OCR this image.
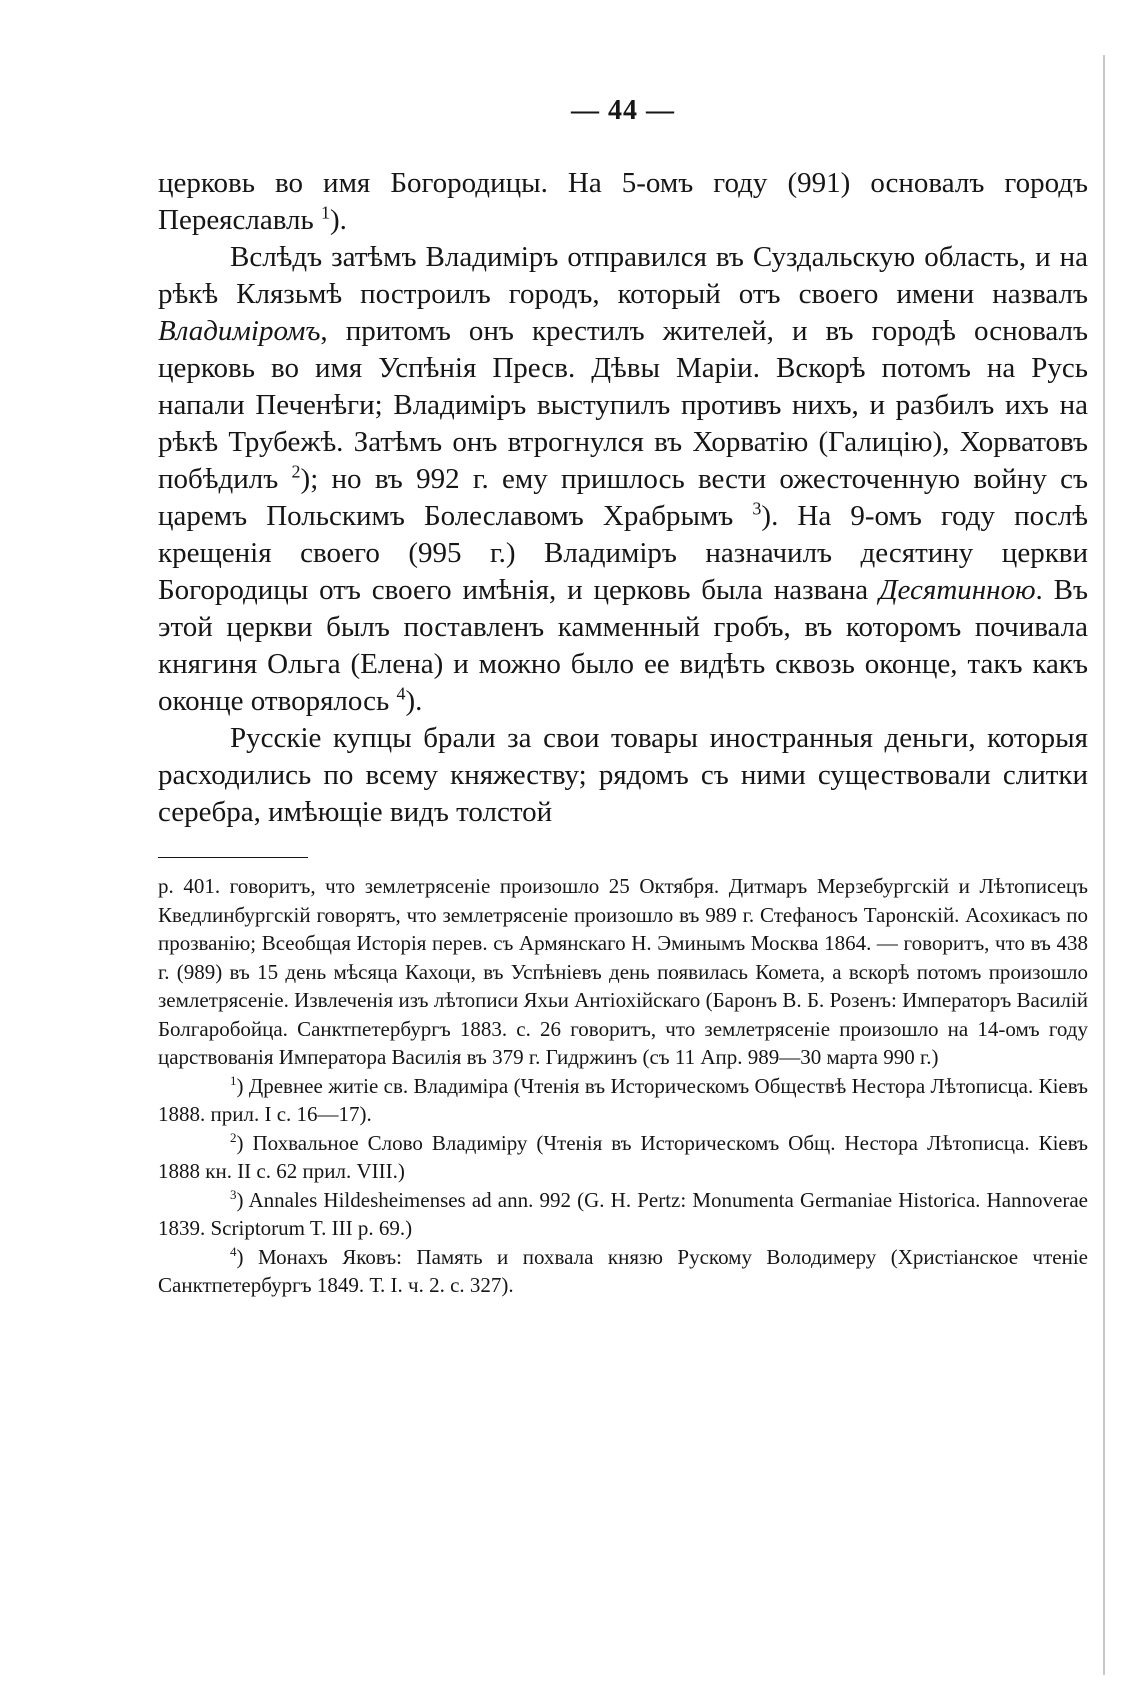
— 44 —

церковь во имя Богородицы. На 5-омъ году (991) основалъ городъ Переяславль $^1$).

Вслѣдъ затѣмъ Владиміръ отправился въ Суздальскую область, и на рѣкѣ Клязьмѣ построилъ городъ, который отъ своего имени назвалъ Владиміромъ, притомъ онъ крестилъ жителей, и въ городѣ основалъ церковь во имя Успѣнія Пресв. Дѣвы Маріи. Вскорѣ потомъ на Русь напали Печенѣги; Владиміръ выступилъ противъ нихъ, и разбилъ ихъ на рѣкѣ Трубежѣ. Затѣмъ онъ втрогнулся въ Хорватію (Галицію), Хорватовъ побѣдилъ $^2$); но въ 992 г. ему пришлось вести ожесточенную войну съ царемъ Польскимъ Болеславомъ Храбрымъ $^3$). На 9-омъ году послѣ крещенія своего (995 г.) Владиміръ назначилъ десятину церкви Богородицы отъ своего имѣнія, и церковь была названа Десятинною. Въ этой церкви былъ поставленъ камменный гробъ, въ которомъ почивала княгиня Ольга (Елена) и можно было ее видѣть сквозь оконце, такъ какъ оконце отворялось $^4$).

Русскіе купцы брали за свои товары иностранныя деньги, которыя расходились по всему княжеству; рядомъ съ ними существовали слитки серебра, имѣющіе видъ толстой

р. 401. говоритъ, что землетрясеніе произошло 25 Октября. Дитмаръ Мерзебургскій и Лѣтописецъ Кведлинбургскій говорятъ, что землетрясеніе произошло въ 989 г. Стефаносъ Таронскій. Асохикасъ по прозванію; Всеобщая Исторія перев. съ Армянскаго Н. Эминымъ Москва 1864. — говоритъ, что въ 438 г. (989) въ 15 день мѣсяца Кахоци, въ Успѣніевъ день появилась Комета, а вскорѣ потомъ произошло землетрясеніе. Извлеченія изъ лѣтописи Яхьи Антіохійскаго (Баронъ В. Б. Розенъ: Императоръ Василій Болгаробойца. Санктпетербургъ 1883. с. 26 говоритъ, что землетрясеніе произошло на 14-омъ году царствованія Императора Василія въ 379 г. Гидржинъ (съ 11 Апр. 989—30 марта 990 г.)

$^1$) Древнее житіе св. Владиміра (Чтенія въ Историческомъ Обществѣ Нестора Лѣтописца. Кіевъ 1888. прил. I с. 16—17).

$^2$) Похвальное Слово Владиміру (Чтенія въ Историческомъ Общ. Нестора Лѣтописца. Кіевъ 1888 кн. II с. 62 прил. VIII.)

$^3$) Annales Hildesheimenses ad ann. 992 (G. H. Pertz: Monumenta Germaniae Historica. Hannoverae 1839. Scriptorum T. III p. 69.)

$^4$) Монахъ Яковъ: Память и похвала князю Рускому Володимеру (Христіанское чтеніе Санктпетербургъ 1849. Т. I. ч. 2. с. 327).
